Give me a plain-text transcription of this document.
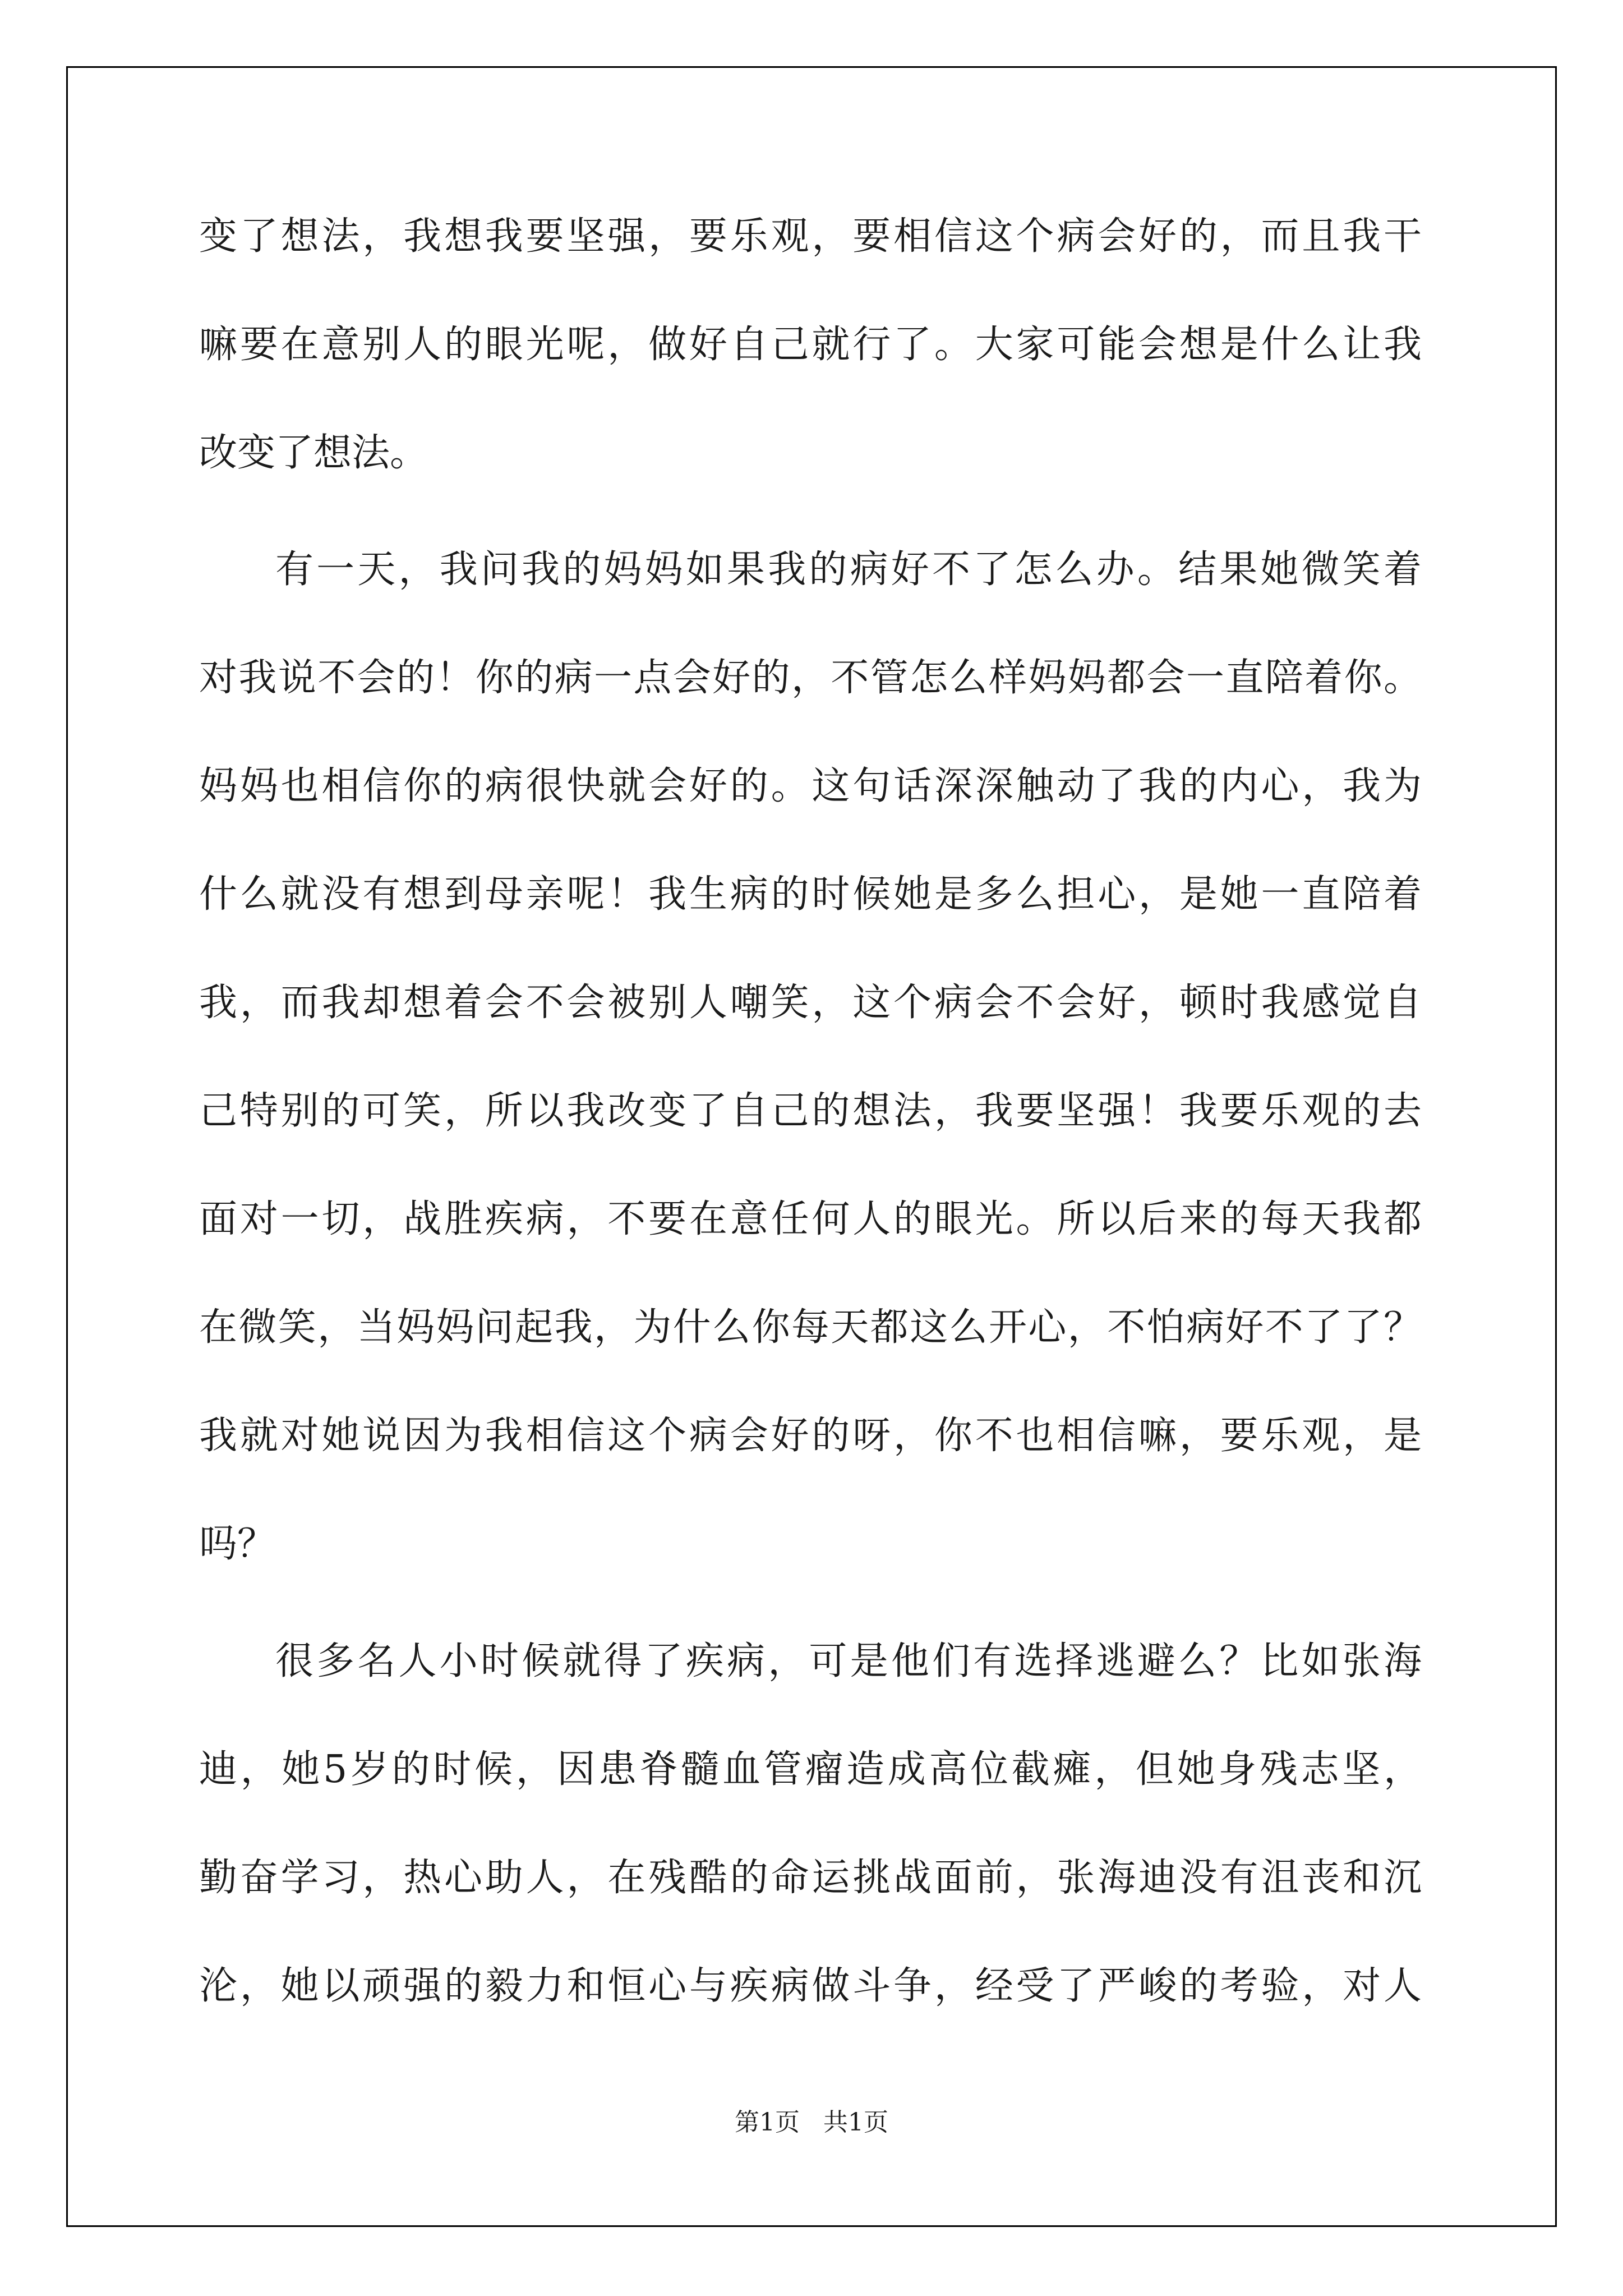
变了想法，我想我要坚强，要乐观，要相信这个病会好的，而且我干
嘛要在意别人的眼光呢，做好自己就行了。大家可能会想是什么让我
改变了想法。
有一天，我问我的妈妈如果我的病好不了怎么办。结果她微笑着
对我说不会的！你的病一点会好的，不管怎么样妈妈都会一直陪着你。
妈妈也相信你的病很快就会好的。这句话深深触动了我的内心，我为
什么就没有想到母亲呢！我生病的时候她是多么担心，是她一直陪着
我，而我却想着会不会被别人嘲笑，这个病会不会好，顿时我感觉自
己特别的可笑，所以我改变了自己的想法，我要坚强！我要乐观的去
面对一切，战胜疾病，不要在意任何人的眼光。所以后来的每天我都
在微笑，当妈妈问起我，为什么你每天都这么开心，不怕病好不了了？
我就对她说因为我相信这个病会好的呀，你不也相信嘛，要乐观，是
吗？
很多名人小时候就得了疾病，可是他们有选择逃避么？比如张海
迪，她5岁的时候，因患脊髓血管瘤造成高位截瘫，但她身残志坚，
勤奋学习，热心助人，在残酷的命运挑战面前，张海迪没有沮丧和沉
沦，她以顽强的毅力和恒心与疾病做斗争，经受了严峻的考验，对人
第1页   共1页
